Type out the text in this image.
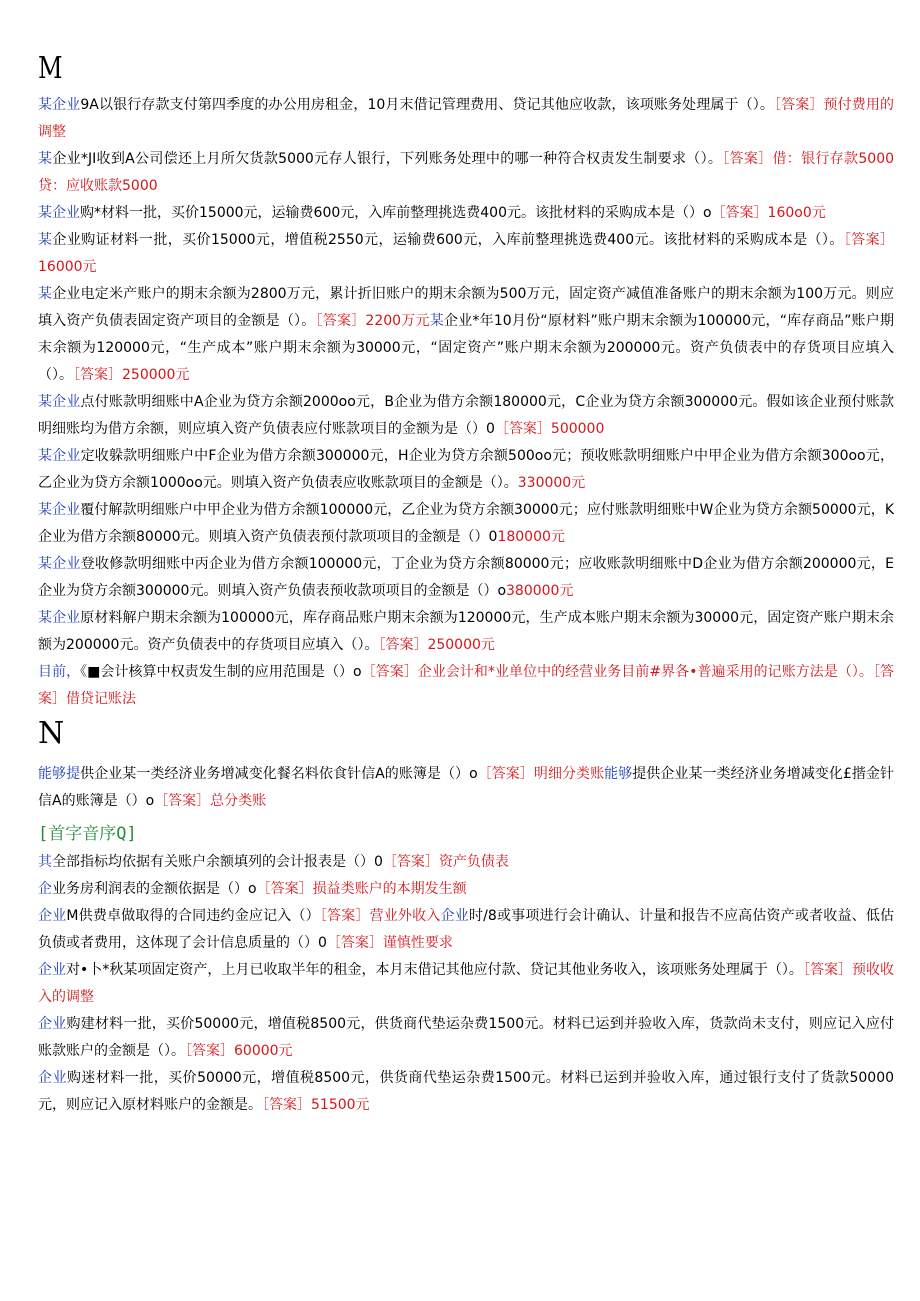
M

某企业9A以银行存款支付第四季度的办公用房租金，10月末借记管理费用、贷记其他应收款，该项账务处理属于（）。［答案］预付费用的调整

某企业*JI收到A公司偿还上月所欠货款5000元存人银行，下列账务处理中的哪一种符合权责发生制要求（）。［答案］借：银行存款5000贷：应收账款5000

某企业购*材料一批，买价15000元，运输费600元，入库前整理挑选费400元。该批材料的采购成本是（）o［答案］160o0元

某企业购证材料一批，买价15000元，增值税2550元，运输费600元，入库前整理挑选费400元。该批材料的采购成本是（）。［答案］16000元

某企业电定米产账户的期末余额为2800万元，累计折旧账户的期末余额为500万元，固定资产减值准备账户的期末余额为100万元。则应填入资产负债表固定资产项目的金额是（）。［答案］2200万元某企业*年10月份“原材料”账户期末余额为100000元，“库存商品”账户期末余额为120000元，“生产成本”账户期末余额为30000元，“固定资产”账户期末余额为200000元。资产负债表中的存货项目应填入（）。［答案］250000元

某企业点付账款明细账中A企业为贷方余额2000oo元，B企业为借方余额180000元，C企业为贷方余额300000元。假如该企业预付账款明细账均为借方余额，则应填入资产负债表应付账款项目的金额为是（）0［答案］500000

某企业定收躲款明细账户中F企业为借方余额300000元，H企业为贷方余额500oo元；预收账款明细账户中甲企业为借方余额300oo元，乙企业为贷方余额1000oo元。则填入资产负债表应收账款项目的金额是（）。330000元

某企业覆付解款明细账户中甲企业为借方余额100000元，乙企业为贷方余额30000元；应付账款明细账中W企业为贷方余额50000元，K企业为借方余额80000元。则填入资产负债表预付款项项目的金额是（）0180000元

某企业登收修款明细账中丙企业为借方余额100000元，丁企业为贷方余额80000元；应收账款明细账中D企业为借方余额200000元，E企业为贷方余额300000元。则填入资产负债表预收款项项目的金额是（）o380000元

某企业原材料解户期末余额为100000元，库存商品账户期末余额为120000元，生产成本账户期末余额为30000元，固定资产账户期末余额为200000元。资产负债表中的存货项目应填入（）。［答案］250000元

目前，《■会计核算中权责发生制的应用范围是（）o［答案］企业会计和*业单位中的经营业务目前#界各•普遍采用的记账方法是（）。［答案］借贷记账法

N

能够提供企业某一类经济业务增减变化餐名料依食针信A的账簿是（）o［答案］明细分类账能够提供企业某一类经济业务增减变化£揩金针信A的账簿是（）o［答案］总分类账

[首字音序Q]

其全部指标均依据有关账户余额填列的会计报表是（）0［答案］资产负债表

企业务房利润表的金额依据是（）o［答案］损益类账户的本期发生额

企业M供费卓做取得的合同违约金应记入（）［答案］营业外收入企业时/8或事项进行会计确认、计量和报告不应高估资产或者收益、低估负债或者费用，这体现了会计信息质量的（）0［答案］谨慎性要求

企业对•卜*秋某项固定资产，上月已收取半年的租金，本月末借记其他应付款、贷记其他业务收入，该项账务处理属于（）。［答案］预收收入的调整

企业购建材料一批，买价50000元，增值税8500元，供货商代垫运杂费1500元。材料已运到并验收入库，货款尚未支付，则应记入应付账款账户的金额是（）。［答案］60000元

企业购迷材料一批，买价50000元，增值税8500元，供货商代垫运杂费1500元。材料已运到并验收入库，通过银行支付了货款50000元，则应记入原材料账户的金额是。［答案］51500元
